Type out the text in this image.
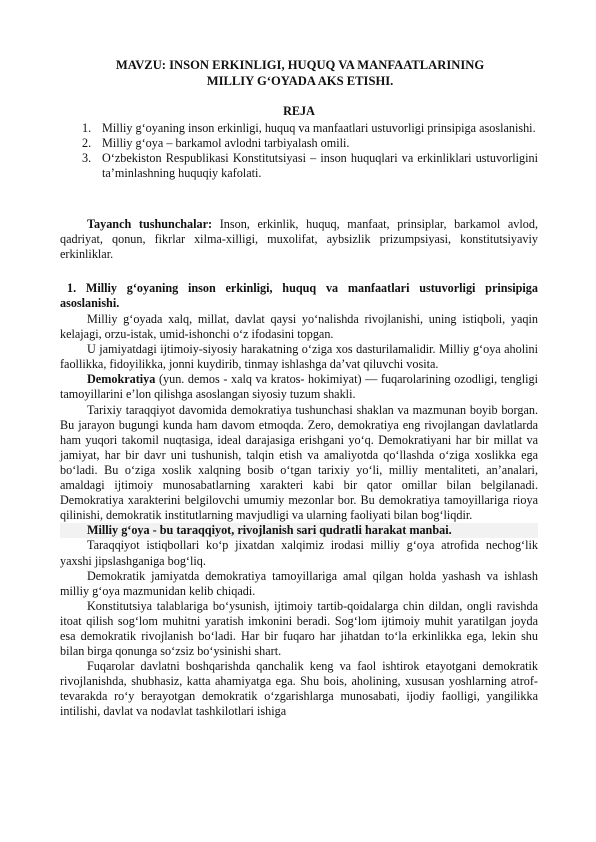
MAVZU: INSON ERKINLIGI, HUQUQ VA MANFAATLARINING
MILLIY G‘OYADA AKS ETISHI.
REJA
1. Milliy g‘oyaning inson erkinligi, huquq va manfaatlari ustuvorligi prinsipiga asoslanishi.
2. Milliy g‘oya – barkamol avlodni tarbiyalash omili.
3. O‘zbekiston Respublikasi Konstitutsiyasi – inson huquqlari va erkinliklari ustuvorligini ta’minlashning huquqiy kafolati.
Tayanch tushunchalar: Inson, erkinlik, huquq, manfaat, prinsiplar, barkamol avlod, qadriyat, qonun, fikrlar xilma-xilligi, muxolifat, aybsizlik prizumpsiyasi, konstitutsiyaviy erkinliklar.
1. Milliy g‘oyaning inson erkinligi, huquq va manfaatlari ustuvorligi prinsipiga asoslanishi.
Milliy g‘oyada xalq, millat, davlat qaysi yo‘nalishda rivojlanishi, uning istiqboli, yaqin kelajagi, orzu-istak, umid-ishonchi o‘z ifodasini topgan.
U jamiyatdagi ijtimoiy-siyosiy harakatning o‘ziga xos dasturilamalidir. Milliy g‘oya aholini faollikka, fidoyilikka, jonni kuydirib, tinmay ishlashga da’vat qiluvchi vosita.
Demokratiya (yun. demos - xalq va kratos- hokimiyat) — fuqarolarining ozodligi, tengligi tamoyillarini e’lon qilishga asoslangan siyosiy tuzum shakli.
Tarixiy taraqqiyot davomida demokratiya tushunchasi shaklan va mazmunan boyib borgan. Bu jarayon bugungi kunda ham davom etmoqda. Zero, demokratiya eng rivojlangan davlatlarda ham yuqori takomil nuqtasiga, ideal darajasiga erishgani yo‘q. Demokratiyani har bir millat va jamiyat, har bir davr uni tushunish, talqin etish va amaliyotda qo‘llashda o‘ziga xoslikka ega bo‘ladi. Bu o‘ziga xoslik xalqning bosib o‘tgan tarixiy yo‘li, milliy mentaliteti, an’analari, amaldagi ijtimoiy munosabatlarning xarakteri kabi bir qator omillar bilan belgilanadi. Demokratiya xarakterini belgilovchi umumiy mezonlar bor. Bu demokratiya tamoyillariga rioya qilinishi, demokratik institutlarning mavjudligi va ularning faoliyati bilan bog‘liqdir.
Milliy g‘oya - bu taraqqiyot, rivojlanish sari qudratli harakat manbai.
Taraqqiyot istiqbollari ko‘p jixatdan xalqimiz irodasi milliy g‘oya atrofida nechog‘lik yaxshi jipslashganiga bog‘liq.
Demokratik jamiyatda demokratiya tamoyillariga amal qilgan holda yashash va ishlash milliy g‘oya mazmunidan kelib chiqadi.
Konstitutsiya talablariga bo‘ysunish, ijtimoiy tartib-qoidalarga chin dildan, ongli ravishda itoat qilish sog‘lom muhitni yaratish imkonini beradi. Sog‘lom ijtimoiy muhit yaratilgan joyda esa demokratik rivojlanish bo‘ladi. Har bir fuqaro har jihatdan to‘la erkinlikka ega, lekin shu bilan birga qonunga so‘zsiz bo‘ysinishi shart.
Fuqarolar davlatni boshqarishda qanchalik keng va faol ishtirok etayotgani demokratik rivojlanishda, shubhasiz, katta ahamiyatga ega. Shu bois, aholining, xususan yoshlarning atrof-tevarakda ro‘y berayotgan demokratik o‘zgarishlarga munosabati, ijodiy faolligi, yangilikka intilishi, davlat va nodavlat tashkilotlari ishiga
